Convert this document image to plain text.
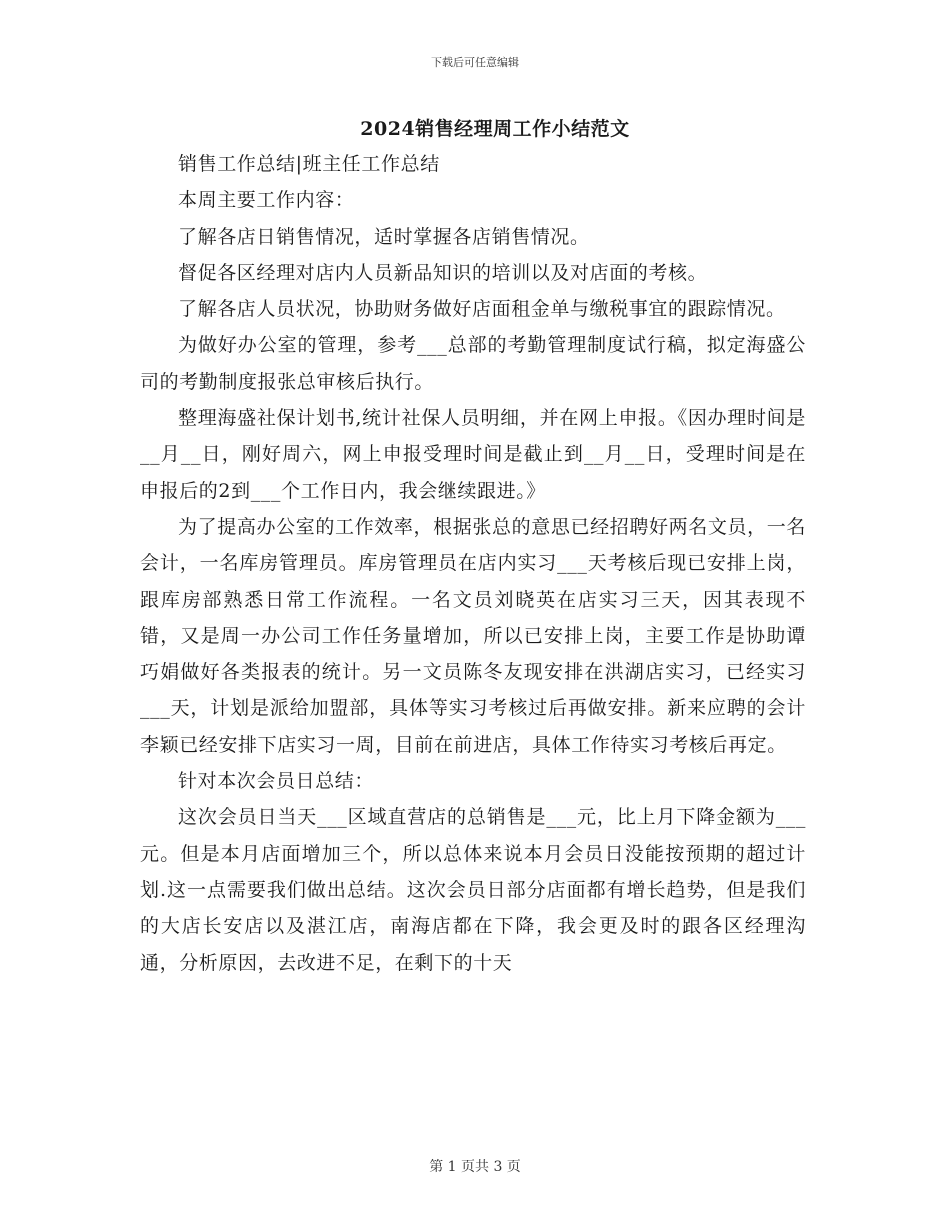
下载后可任意编辑
2024销售经理周工作小结范文

销售工作总结|班主任工作总结

本周主要工作内容：

了解各店日销售情况，适时掌握各店销售情况。

督促各区经理对店内人员新品知识的培训以及对店面的考核。

了解各店人员状况，协助财务做好店面租金单与缴税事宜的跟踪情况。

为做好办公室的管理，参考___总部的考勤管理制度试行稿，拟定海盛公司的考勤制度报张总审核后执行。

整理海盛社保计划书,统计社保人员明细，并在网上申报。《因办理时间是__月__日，刚好周六，网上申报受理时间是截止到__月__日，受理时间是在申报后的2到___个工作日内，我会继续跟进。》

为了提高办公室的工作效率，根据张总的意思已经招聘好两名文员，一名会计，一名库房管理员。库房管理员在店内实习___天考核后现已安排上岗，跟库房部熟悉日常工作流程。一名文员刘晓英在店实习三天，因其表现不错，又是周一办公司工作任务量增加，所以已安排上岗，主要工作是协助谭巧娟做好各类报表的统计。另一文员陈冬友现安排在洪湖店实习，已经实习___天，计划是派给加盟部，具体等实习考核过后再做安排。新来应聘的会计李颖已经安排下店实习一周，目前在前进店，具体工作待实习考核后再定。

针对本次会员日总结：

这次会员日当天___区域直营店的总销售是___元，比上月下降金额为___元。但是本月店面增加三个，所以总体来说本月会员日没能按预期的超过计划.这一点需要我们做出总结。这次会员日部分店面都有增长趋势，但是我们的大店长安店以及湛江店，南海店都在下降，我会更及时的跟各区经理沟通，分析原因，去改进不足，在剩下的十天

第 1 页共 3 页
